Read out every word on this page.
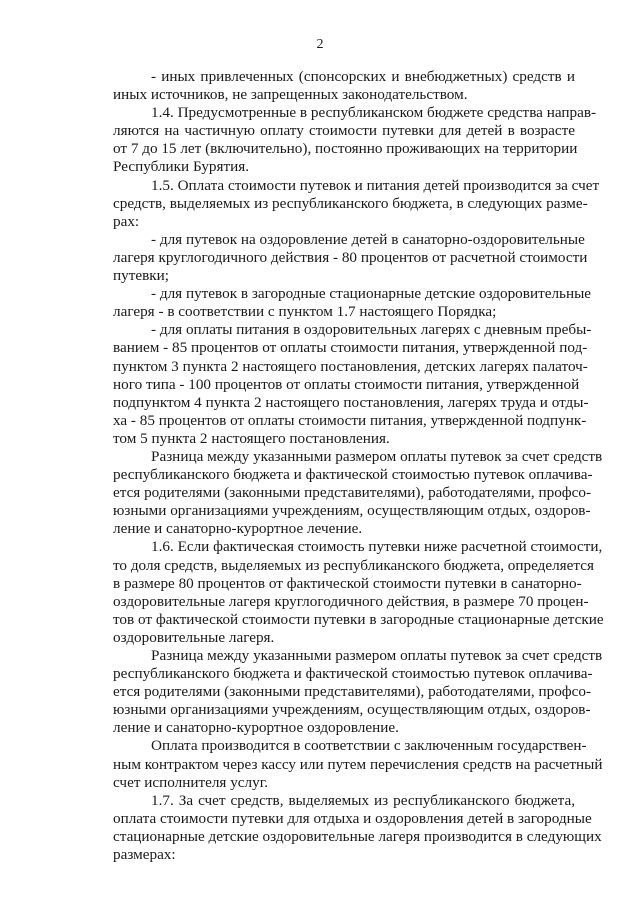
2
- иных привлеченных (спонсорских и внебюджетных) средств и
иных источников, не запрещенных законодательством.
1.4. Предусмотренные в республиканском бюджете средства направ-
ляются на частичную оплату стоимости путевки для детей в возрасте
от 7 до 15 лет (включительно), постоянно проживающих на территории
Республики Бурятия.
1.5. Оплата стоимости путевок и питания детей производится за счет
средств, выделяемых из республиканского бюджета, в следующих разме-
рах:
- для путевок на оздоровление детей в санаторно-оздоровительные
лагеря круглогодичного действия - 80 процентов от расчетной стоимости
путевки;
- для путевок в загородные стационарные детские оздоровительные
лагеря - в соответствии с пунктом 1.7 настоящего Порядка;
- для оплаты питания в оздоровительных лагерях с дневным пребы-
ванием - 85 процентов от оплаты стоимости питания, утвержденной под-
пунктом 3 пункта 2 настоящего постановления, детских лагерях палаточ-
ного типа - 100 процентов от оплаты стоимости питания, утвержденной
подпунктом 4 пункта 2 настоящего постановления, лагерях труда и отды-
ха - 85 процентов от оплаты стоимости питания, утвержденной подпунк-
том 5 пункта 2 настоящего постановления.
Разница между указанными размером оплаты путевок за счет средств
республиканского бюджета и фактической стоимостью путевок оплачива-
ется родителями (законными представителями), работодателями, профсо-
юзными организациями учреждениям, осуществляющим отдых, оздоров-
ление и санаторно-курортное лечение.
1.6. Если фактическая стоимость путевки ниже расчетной стоимости,
то доля средств, выделяемых из республиканского бюджета, определяется
в размере 80 процентов от фактической стоимости путевки в санаторно-
оздоровительные лагеря круглогодичного действия, в размере 70 процен-
тов от фактической стоимости путевки в загородные стационарные детские
оздоровительные лагеря.
Разница между указанными размером оплаты путевок за счет средств
республиканского бюджета и фактической стоимостью путевок оплачива-
ется родителями (законными представителями), работодателями, профсо-
юзными организациями учреждениям, осуществляющим отдых, оздоров-
ление и санаторно-курортное оздоровление.
Оплата производится в соответствии с заключенным государствен-
ным контрактом через кассу или путем перечисления средств на расчетный
счет исполнителя услуг.
1.7. За счет средств, выделяемых из республиканского бюджета,
оплата стоимости путевки для отдыха и оздоровления детей в загородные
стационарные детские оздоровительные лагеря производится в следующих
размерах:
